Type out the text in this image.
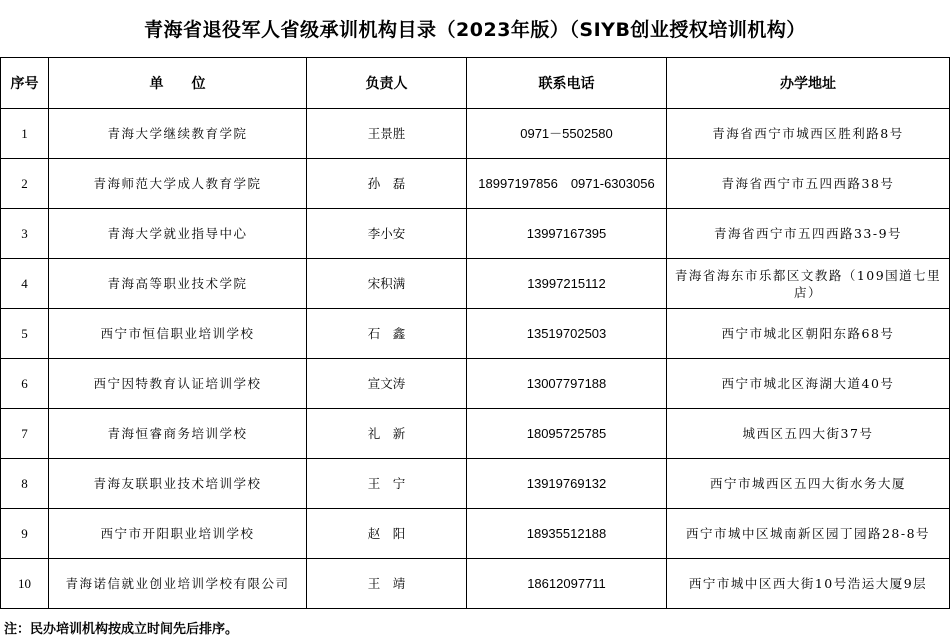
青海省退役军人省级承训机构目录（2023年版）（SIYB创业授权培训机构）
序号	单　　位	负责人	联系电话	办学地址
1	青海大学继续教育学院	王景胜	0971－5502580	青海省西宁市城西区胜利路8号
2	青海师范大学成人教育学院	孙　磊	18997197856　0971-6303056	青海省西宁市五四西路38号
3	青海大学就业指导中心	李小安	13997167395	青海省西宁市五四西路33-9号
4	青海高等职业技术学院	宋积满	13997215112	青海省海东市乐都区文教路（109国道七里店）
5	西宁市恒信职业培训学校	石　鑫	13519702503	西宁市城北区朝阳东路68号
6	西宁因特教育认证培训学校	宣文涛	13007797188	西宁市城北区海湖大道40号
7	青海恒睿商务培训学校	礼　新	18095725785	城西区五四大街37号
8	青海友联职业技术培训学校	王　宁	13919769132	西宁市城西区五四大街水务大厦
9	西宁市开阳职业培训学校	赵　阳	18935512188	西宁市城中区城南新区园丁园路28-8号
10	青海诺信就业创业培训学校有限公司	王　靖	18612097711	西宁市城中区西大街10号浩运大厦9层
注：民办培训机构按成立时间先后排序。
